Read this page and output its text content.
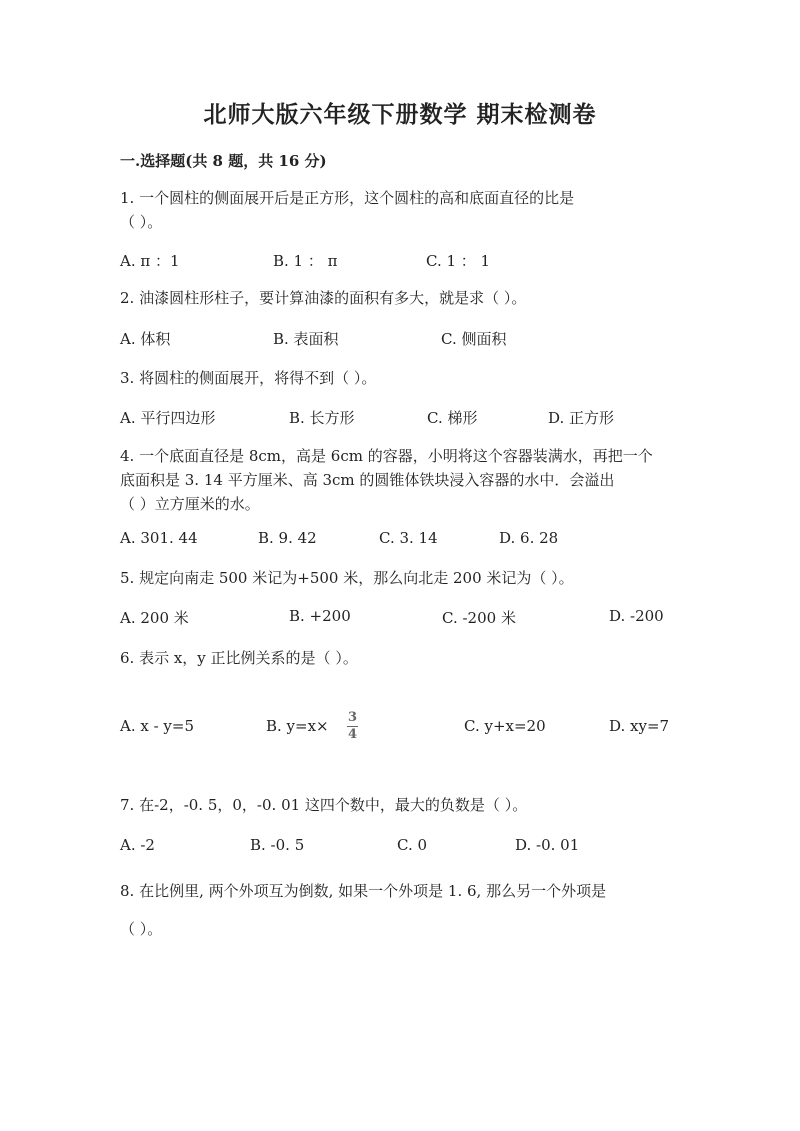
北师大版六年级下册数学 期末检测卷
一.选择题(共 8 题，共 16 分)
1. 一个圆柱的侧面展开后是正方形，这个圆柱的高和底面直径的比是
（ ）。
A. π ：1	B. 1 ： π	C. 1 ： 1
2. 油漆圆柱形柱子，要计算油漆的面积有多大，就是求（ ）。
A. 体积	B. 表面积	C. 侧面积
3. 将圆柱的侧面展开，将得不到（ ）。
A. 平行四边形	B. 长方形	C. 梯形	D. 正方形
4. 一个底面直径是 8cm，高是 6cm 的容器，小明将这个容器装满水，再把一个
底面积是 3. 14 平方厘米、高 3cm 的圆锥体铁块浸入容器的水中．会溢出
（ ）立方厘米的水。
A. 301. 44	B. 9. 42	C. 3. 14	D. 6. 28
5. 规定向南走 500 米记为+500 米，那么向北走 200 米记为（ ）。
A. 200 米	B. +200	C. -200 米	D. -200
6. 表示 x，y 正比例关系的是（ ）。
A. x - y=5	B. y=x× 3
4	C. y+x=20	D. xy=7
7. 在-2，-0. 5，0，-0. 01 这四个数中，最大的负数是（ ）。
A. -2	B. -0. 5	C. 0	D. -0. 01
8. 在比例里, 两个外项互为倒数, 如果一个外项是 1. 6, 那么另一个外项是
（ ）。
